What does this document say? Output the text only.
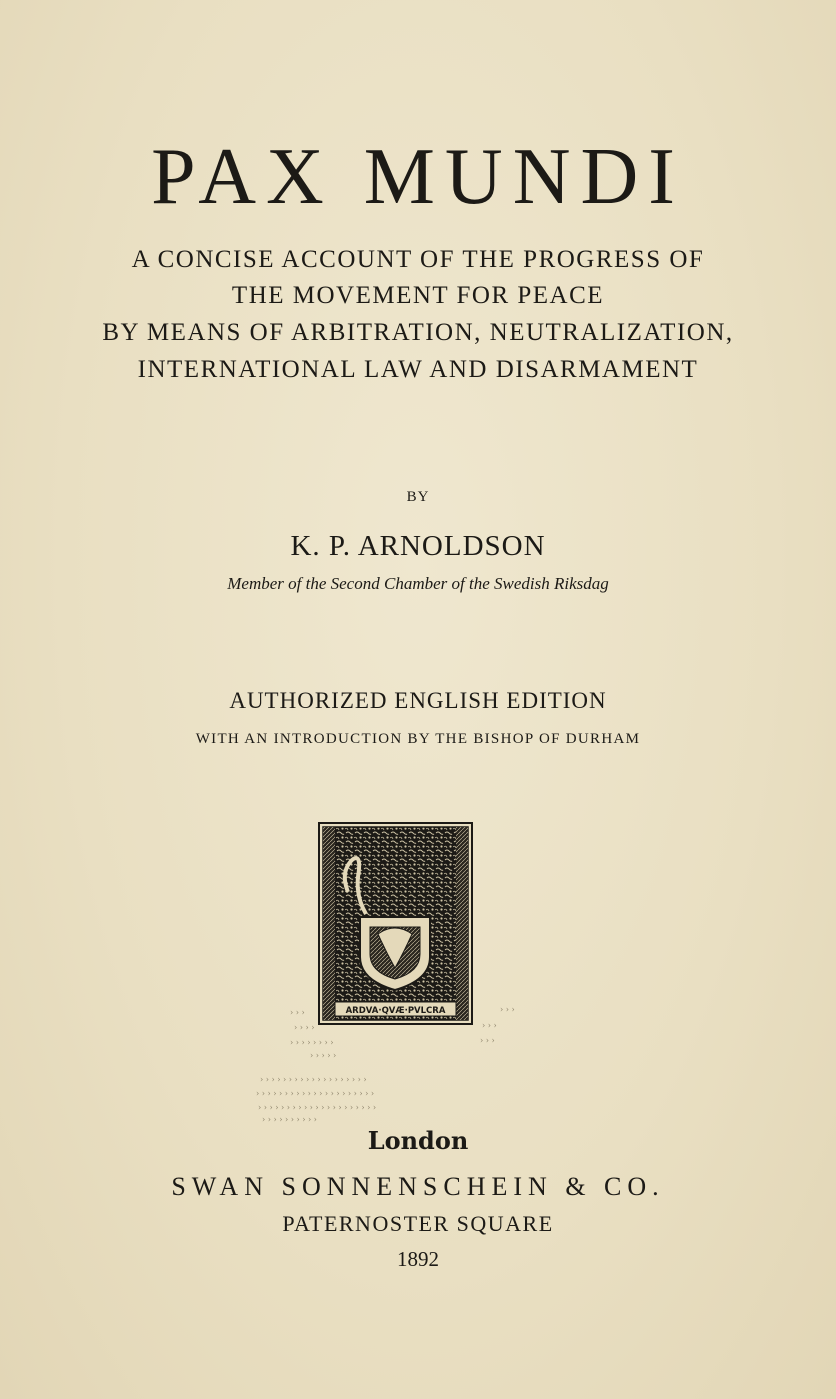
PAX MUNDI
A CONCISE ACCOUNT OF THE PROGRESS OF
THE MOVEMENT FOR PEACE
BY MEANS OF ARBITRATION, NEUTRALIZATION,
INTERNATIONAL LAW AND DISARMAMENT
BY
K. P. ARNOLDSON
Member of the Second Chamber of the Swedish Riksdag
AUTHORIZED ENGLISH EDITION
WITH AN INTRODUCTION BY THE BISHOP OF DURHAM
ARDVA·QVÆ·PVLCRA
› › ›	› › ›
› › › ›	› › ›
› › › › › › › ›	› › ›
› › › › ›
› › › › › › › › › › › › › › › › › › ›
› › › › › › › › › › › › › › › › › › › › ›
› › › › › › › › › › › › › › › › › › › › ›
› › › › › › › › › ›
London
SWAN SONNENSCHEIN & CO.
PATERNOSTER SQUARE
1892
